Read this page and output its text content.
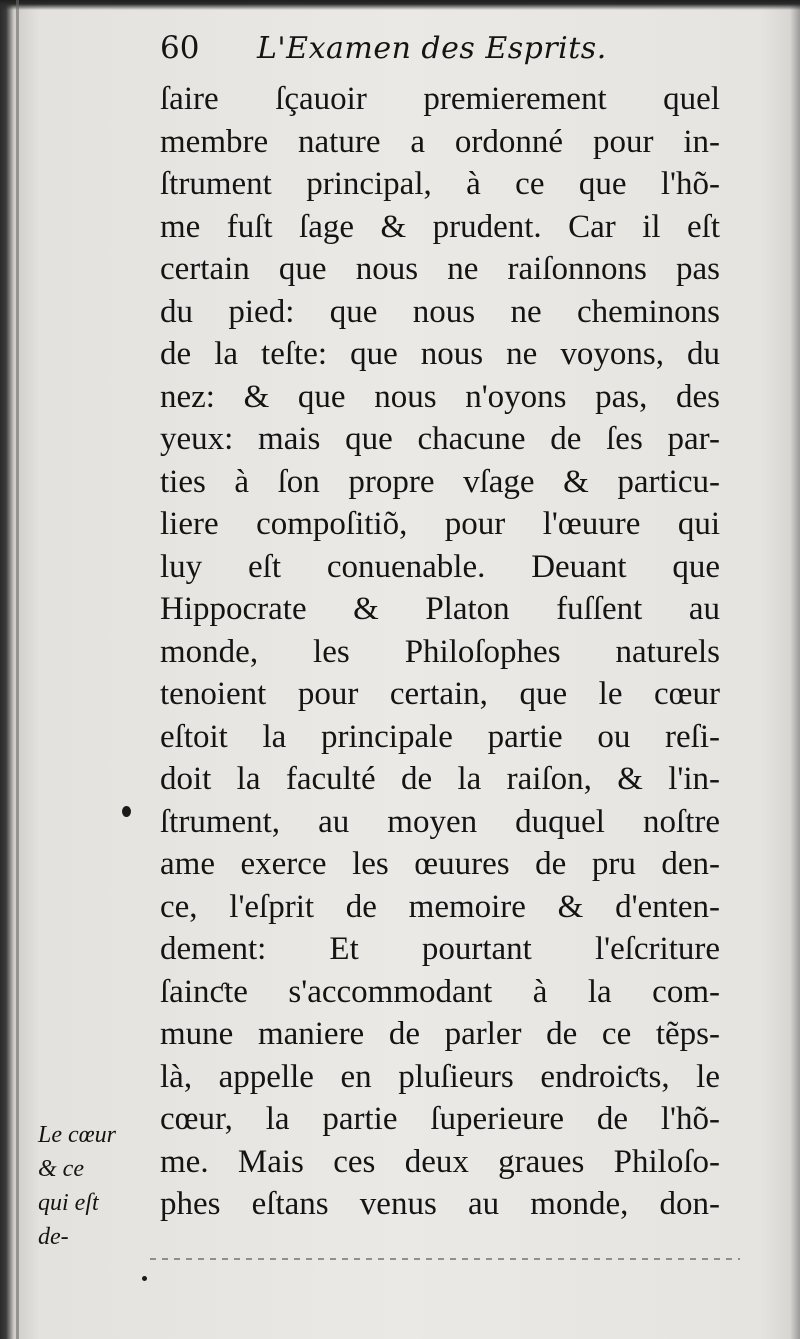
60 L'Examen des Esprits.
ſaire ſçauoir premierement quel
membre nature a ordonné pour in-
ſtrument principal, à ce que l'hõ-
me fuſt ſage & prudent. Car il eſt
certain que nous ne raiſonnons pas
du pied: que nous ne cheminons
de la teſte: que nous ne voyons, du
nez: & que nous n'oyons pas, des
yeux: mais que chacune de ſes par-
ties à ſon propre vſage & particu-
liere compoſitiõ, pour l'œuure qui
luy eſt conuenable. Deuant que
Hippocrate & Platon fuſſent au
monde, les Philoſophes naturels
tenoient pour certain, que le cœur
eſtoit la principale partie ou reſi-
doit la faculté de la raiſon, & l'in-
ſtrument, au moyen duquel noſtre
ame exerce les œuures de pru den-
ce, l'eſprit de memoire & d'enten-
dement: Et pourtant l'eſcriture
ſainƈte s'accommodant à la com-
mune maniere de parler de ce tẽps-
là, appelle en pluſieurs endroiƈts, le
cœur, la partie ſuperieure de l'hõ-
me. Mais ces deux graues Philoſo-
phes eſtans venus au monde, don-
Le cœur
& ce
qui eſt
de-
